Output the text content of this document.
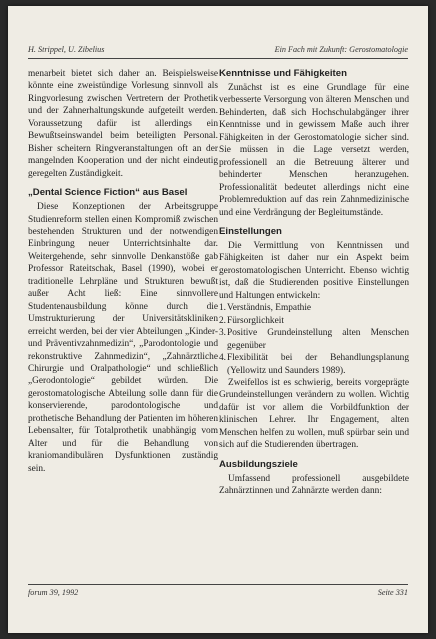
H. Strippel, U. Zibelius	Ein Fach mit Zukunft: Gerostomatologie

menarbeit bietet sich daher an. Beispielsweise könnte eine zweistündige Vorlesung sinnvoll als Ringvorlesung zwischen Vertretern der Prothetik und der Zahnerhaltungskunde aufgeteilt werden. Voraussetzung dafür ist allerdings ein Bewußtseinswandel beim beteiligten Personal. Bisher scheitern Ringveranstaltungen oft an der mangelnden Kooperation und der nicht eindeutig geregelten Zuständigkeit.

„Dental Science Fiction“ aus Basel

Diese Konzeptionen der Arbeitsgruppe Studienreform stellen einen Kompromiß zwischen bestehenden Strukturen und der notwendigen Einbringung neuer Unterrichtsinhalte dar. Weitergehende, sehr sinnvolle Denkanstöße gab Professor Rateitschak, Basel (1990), wobei er traditionelle Lehrpläne und Strukturen bewußt außer Acht ließ: Eine sinnvollere Studentenausbildung könne durch die Umstrukturierung der Universitätskliniken erreicht werden, bei der vier Abteilungen „Kinder- und Präventivzahnmedizin“, „Parodontologie und rekonstruktive Zahnmedizin“, „Zahnärztliche Chirurgie und Oralpathologie“ und schließlich „Gerodontologie“ gebildet würden. Die gerostomatologische Abteilung solle dann für die konservierende, parodontologische und prothetische Behandlung der Patienten im höheren Lebensalter, für Totalprothetik unabhängig vom Alter und für die Behandlung von kraniomandibulären Dysfunktionen zuständig sein.

Kenntnisse und Fähigkeiten

Zunächst ist es eine Grundlage für eine verbesserte Versorgung von älteren Menschen und Behinderten, daß sich Hochschulabgänger ihrer Kenntnisse und in gewissem Maße auch ihrer Fähigkeiten in der Gerostomatologie sicher sind. Sie müssen in die Lage versetzt werden, professionell an die Betreuung älterer und behinderter Menschen heranzugehen. Professionalität bedeutet allerdings nicht eine Problemreduktion auf das rein Zahnmedizinische und eine Verdrängung der Begleitumstände.

Einstellungen

Die Vermittlung von Kenntnissen und Fähigkeiten ist daher nur ein Aspekt beim gerostomatologischen Unterricht. Ebenso wichtig ist, daß die Studierenden positive Einstellungen und Haltungen entwickeln:

1. Verständnis, Empathie
2. Fürsorglichkeit
3. Positive Grundeinstellung alten Menschen gegenüber
4. Flexibilität bei der Behandlungsplanung (Yellowitz und Saunders 1989).

Zweifellos ist es schwierig, bereits vorgeprägte Grundeinstellungen verändern zu wollen. Wichtig dafür ist vor allem die Vorbildfunktion der klinischen Lehrer. Ihr Engagement, alten Menschen helfen zu wollen, muß spürbar sein und sich auf die Studierenden übertragen.

Ausbildungsziele

Umfassend professionell ausgebildete Zahnärztinnen und Zahnärzte werden dann:

forum 39, 1992	Seite 331
